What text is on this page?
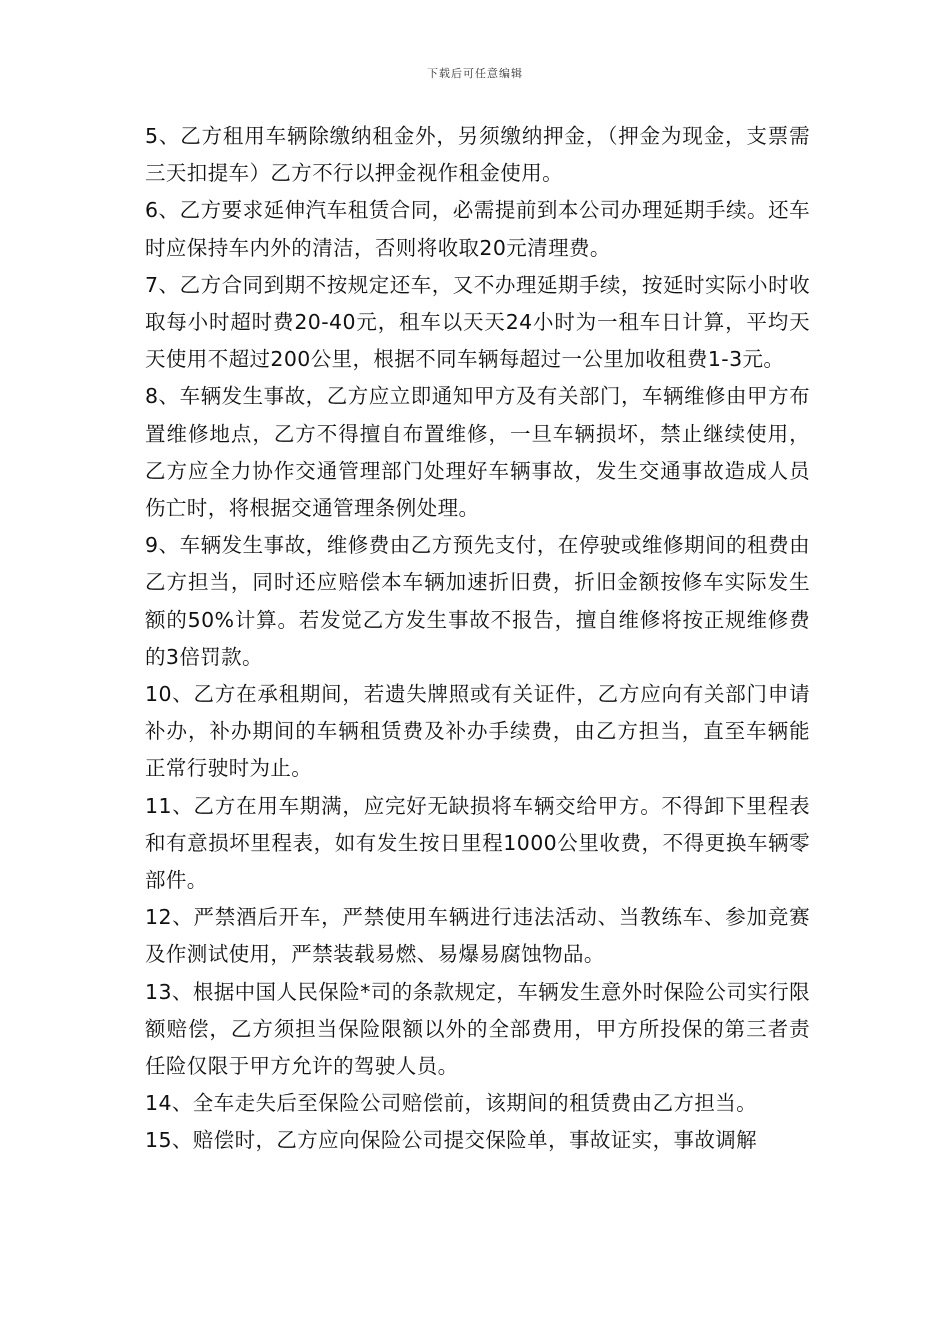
下载后可任意编辑

5、乙方租用车辆除缴纳租金外，另须缴纳押金，（押金为现金，支票需三天扣提车）乙方不行以押金视作租金使用。

6、乙方要求延伸汽车租赁合同，必需提前到本公司办理延期手续。还车时应保持车内外的清洁，否则将收取20元清理费。

7、乙方合同到期不按规定还车，又不办理延期手续，按延时实际小时收取每小时超时费20-40元，租车以天天24小时为一租车日计算，平均天天使用不超过200公里，根据不同车辆每超过一公里加收租费1-3元。

8、车辆发生事故，乙方应立即通知甲方及有关部门，车辆维修由甲方布置维修地点，乙方不得擅自布置维修，一旦车辆损坏，禁止继续使用，乙方应全力协作交通管理部门处理好车辆事故，发生交通事故造成人员伤亡时，将根据交通管理条例处理。

9、车辆发生事故，维修费由乙方预先支付，在停驶或维修期间的租费由乙方担当，同时还应赔偿本车辆加速折旧费，折旧金额按修车实际发生额的50%计算。若发觉乙方发生事故不报告，擅自维修将按正规维修费的3倍罚款。

10、乙方在承租期间，若遗失牌照或有关证件，乙方应向有关部门申请补办，补办期间的车辆租赁费及补办手续费，由乙方担当，直至车辆能正常行驶时为止。

11、乙方在用车期满，应完好无缺损将车辆交给甲方。不得卸下里程表和有意损坏里程表，如有发生按日里程1000公里收费，不得更换车辆零部件。

12、严禁酒后开车，严禁使用车辆进行违法活动、当教练车、参加竞赛及作测试使用，严禁装载易燃、易爆易腐蚀物品。

13、根据中国人民保险*司的条款规定，车辆发生意外时保险公司实行限额赔偿，乙方须担当保险限额以外的全部费用，甲方所投保的第三者责任险仅限于甲方允许的驾驶人员。

14、全车走失后至保险公司赔偿前，该期间的租赁费由乙方担当。

15、赔偿时，乙方应向保险公司提交保险单，事故证实，事故调解
